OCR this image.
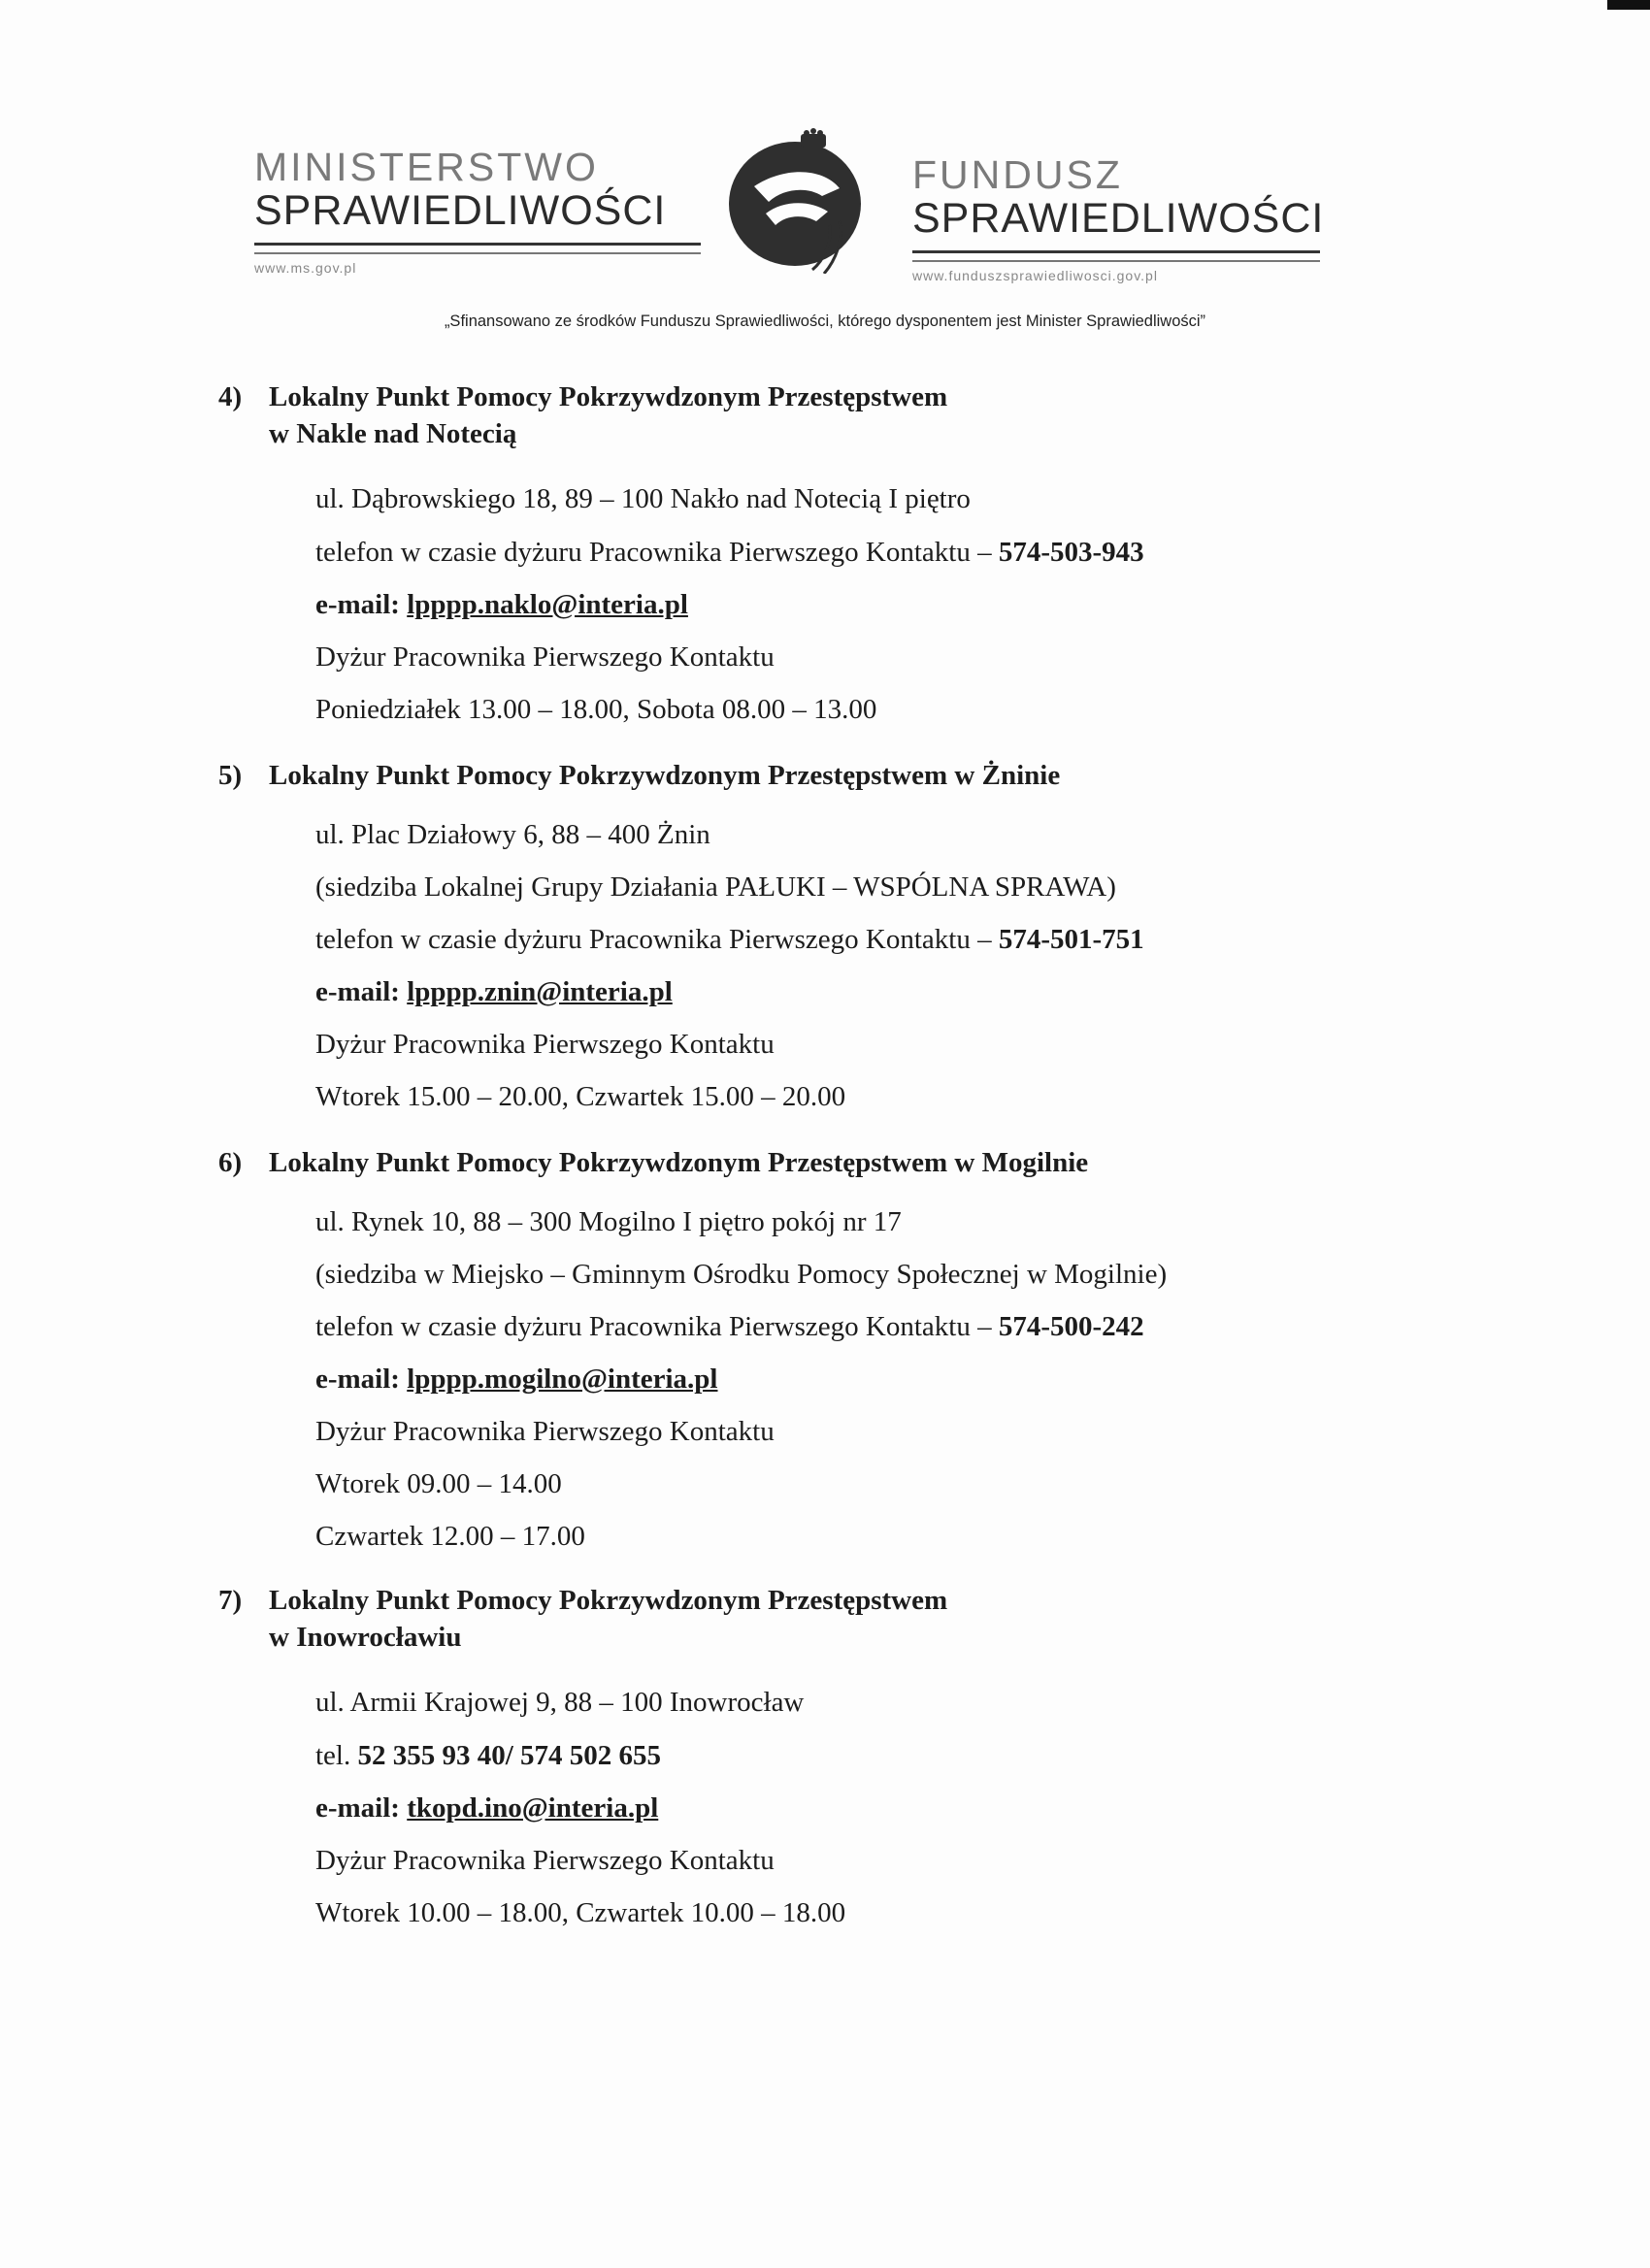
MINISTERSTWO
SPRAWIEDLIWOŚCI
www.ms.gov.pl
FUNDUSZ
SPRAWIEDLIWOŚCI
www.funduszsprawiedliwosci.gov.pl
„Sfinansowano ze środków Funduszu Sprawiedliwości, którego dysponentem jest Minister Sprawiedliwości”

4) Lokalny Punkt Pomocy Pokrzywdzonym Przestępstwem

w Nakle nad Notecią

ul. Dąbrowskiego 18, 89 – 100 Nakło nad Notecią I piętro
telefon w czasie dyżuru Pracownika Pierwszego Kontaktu – 574-503-943
e-mail: lpppp.naklo@interia.pl
Dyżur Pracownika Pierwszego Kontaktu
Poniedziałek 13.00 – 18.00, Sobota 08.00 – 13.00

5) Lokalny Punkt Pomocy Pokrzywdzonym Przestępstwem w Żninie

ul. Plac Działowy 6, 88 – 400 Żnin
(siedziba Lokalnej Grupy Działania PAŁUKI – WSPÓLNA SPRAWA)
telefon w czasie dyżuru Pracownika Pierwszego Kontaktu – 574-501-751
e-mail: lpppp.znin@interia.pl
Dyżur Pracownika Pierwszego Kontaktu
Wtorek 15.00 – 20.00, Czwartek 15.00 – 20.00

6) Lokalny Punkt Pomocy Pokrzywdzonym Przestępstwem w Mogilnie

ul. Rynek 10, 88 – 300 Mogilno I piętro pokój nr 17
(siedziba w Miejsko – Gminnym Ośrodku Pomocy Społecznej w Mogilnie)
telefon w czasie dyżuru Pracownika Pierwszego Kontaktu – 574-500-242
e-mail: lpppp.mogilno@interia.pl
Dyżur Pracownika Pierwszego Kontaktu
Wtorek 09.00 – 14.00
Czwartek 12.00 – 17.00

7) Lokalny Punkt Pomocy Pokrzywdzonym Przestępstwem

w Inowrocławiu

ul. Armii Krajowej 9, 88 – 100 Inowrocław
tel. 52 355 93 40/ 574 502 655
e-mail: tkopd.ino@interia.pl
Dyżur Pracownika Pierwszego Kontaktu
Wtorek 10.00 – 18.00, Czwartek 10.00 – 18.00
